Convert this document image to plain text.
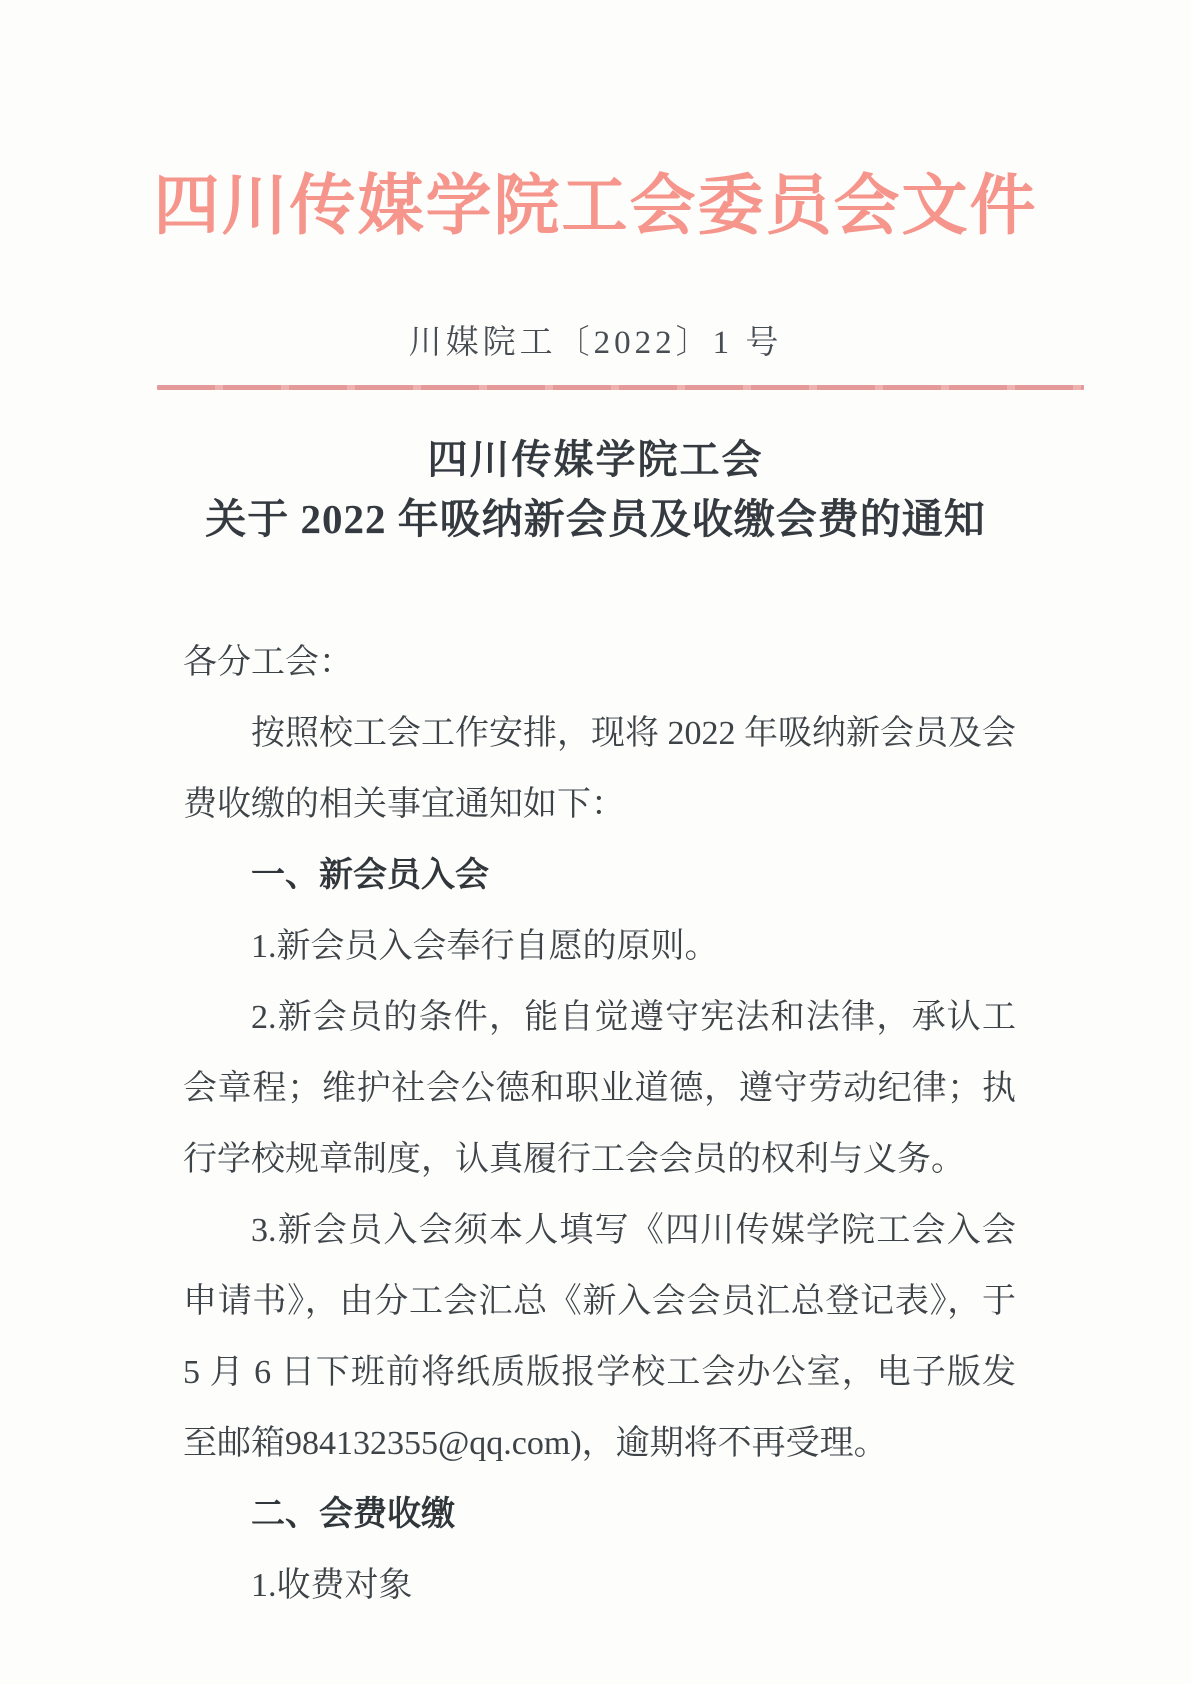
四川传媒学院工会委员会文件
川媒院工〔2022〕1 号
四川传媒学院工会
关于 2022 年吸纳新会员及收缴会费的通知

各分工会：

按照校工会工作安排，现将 2022 年吸纳新会员及会费收缴的相关事宜通知如下：

一、新会员入会

1.新会员入会奉行自愿的原则。

2.新会员的条件，能自觉遵守宪法和法律，承认工会章程；维护社会公德和职业道德，遵守劳动纪律；执行学校规章制度，认真履行工会会员的权利与义务。

3.新会员入会须本人填写《四川传媒学院工会入会申请书》，由分工会汇总《新入会会员汇总登记表》，于 5 月 6 日下班前将纸质版报学校工会办公室，电子版发至邮箱984132355@qq.com)，逾期将不再受理。

二、会费收缴

1.收费对象
